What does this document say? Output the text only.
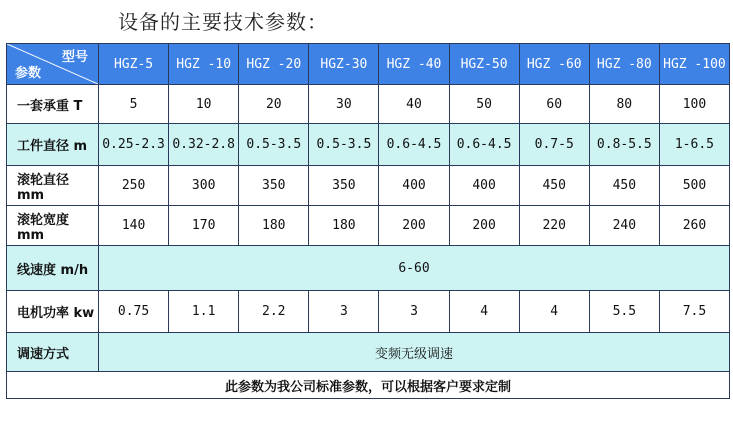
设备的主要技术参数：
型号
参数	HGZ-5	HGZ -10	HGZ -20	HGZ-30	HGZ -40	HGZ-50	HGZ -60	HGZ -80	HGZ -100
一套承重 T	5	10	20	30	40	50	60	80	100
工件直径 m	0.25-2.3	0.32-2.8	0.5-3.5	0.5-3.5	0.6-4.5	0.6-4.5	0.7-5	0.8-5.5	1-6.5
滚轮直径 mm	250	300	350	350	400	400	450	450	500
滚轮宽度 mm	140	170	180	180	200	200	220	240	260
线速度 m/h	6-60								
电机功率 kw	0.75	1.1	2.2	3	3	4	4	5.5	7.5
调速方式	变频无级调速								
此参数为我公司标准参数，可以根据客户要求定制									
